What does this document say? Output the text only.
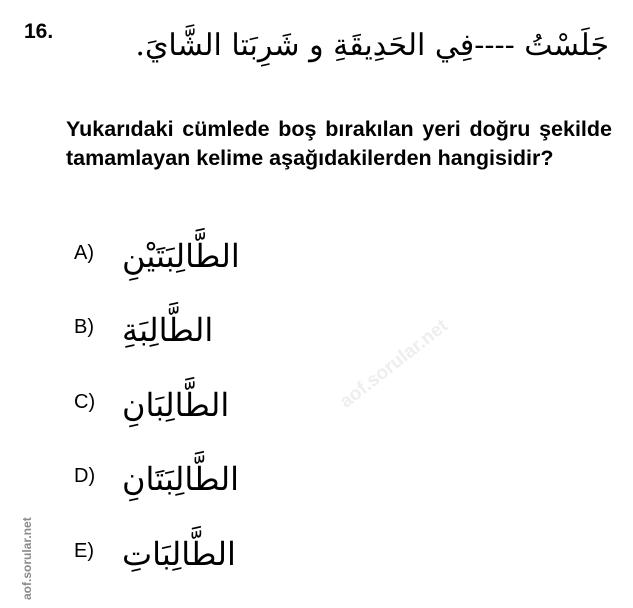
16.	جَلَسْتُ ----فِي الحَدِيقَةِ و شَرِبَتا الشَّايَ.
Yukarıdaki cümlede boş bırakılan yeri doğru şekilde tamamlayan kelime aşağıdakilerden hangisidir?
A) الطَّالِبَتَيْنِ
B) الطَّالِبَةِ
C) الطَّالِبَانِ
D) الطَّالِبَتَانِ
E) الطَّالِبَاتِ
aof.sorular.net
aof.sorular.net
